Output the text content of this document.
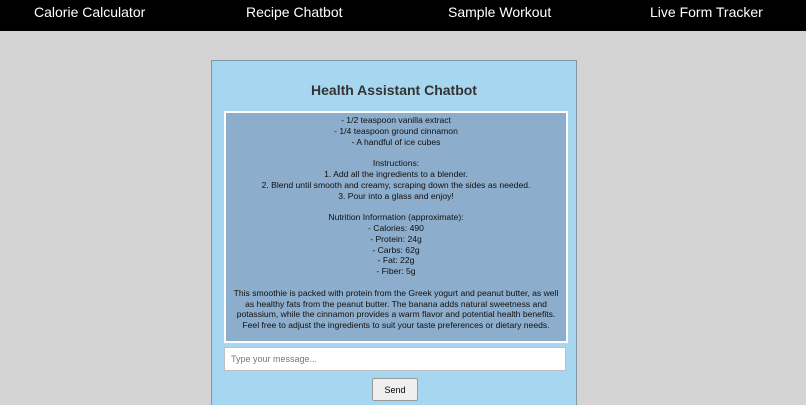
Calorie Calculator	Recipe Chatbot	Sample Workout	Live Form Tracker
Health Assistant Chatbot
- 1/2 teaspoon vanilla extract
- 1/4 teaspoon ground cinnamon
- A handful of ice cubes
Instructions:
1. Add all the ingredients to a blender.
2. Blend until smooth and creamy, scraping down the sides as needed.
3. Pour into a glass and enjoy!
Nutrition Information (approximate):
- Calories: 490
- Protein: 24g
- Carbs: 62g
- Fat: 22g
- Fiber: 5g
This smoothie is packed with protein from the Greek yogurt and peanut butter, as well as healthy fats from the peanut butter. The banana adds natural sweetness and potassium, while the cinnamon provides a warm flavor and potential health benefits. Feel free to adjust the ingredients to suit your taste preferences or dietary needs.
Type your message...
Send
